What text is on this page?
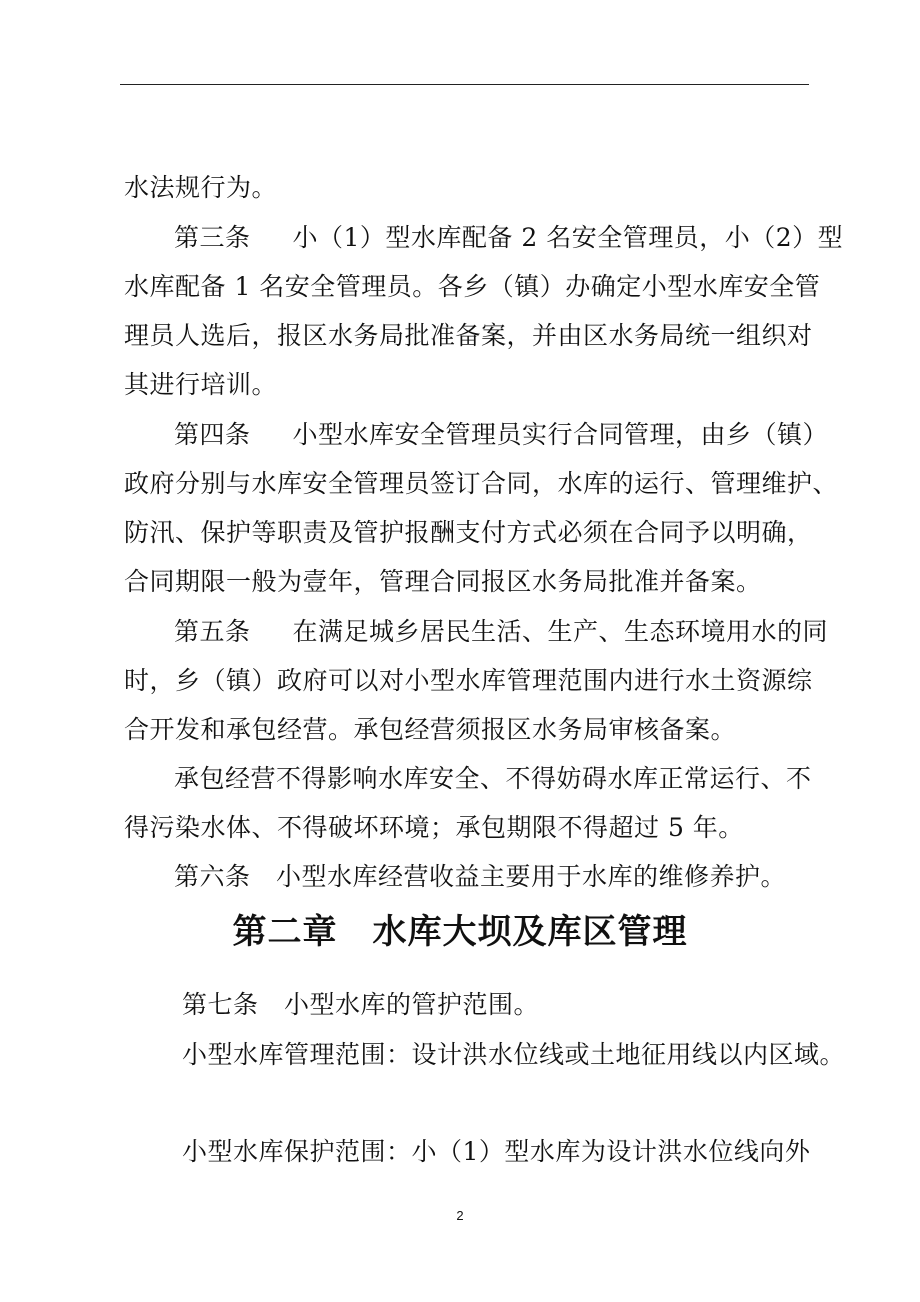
水法规行为。
第三条 小（1）型水库配备 2 名安全管理员，小（2）型
水库配备 1 名安全管理员。各乡（镇）办确定小型水库安全管
理员人选后，报区水务局批准备案，并由区水务局统一组织对
其进行培训。
第四条 小型水库安全管理员实行合同管理，由乡（镇）
政府分别与水库安全管理员签订合同，水库的运行、管理维护、
防汛、保护等职责及管护报酬支付方式必须在合同予以明确，
合同期限一般为壹年，管理合同报区水务局批准并备案。
第五条 在满足城乡居民生活、生产、生态环境用水的同
时，乡（镇）政府可以对小型水库管理范围内进行水土资源综
合开发和承包经营。承包经营须报区水务局审核备案。
承包经营不得影响水库安全、不得妨碍水库正常运行、不
得污染水体、不得破坏环境；承包期限不得超过 5 年。
第六条　小型水库经营收益主要用于水库的维修养护。
第二章　水库大坝及库区管理
第七条　小型水库的管护范围。
小型水库管理范围：设计洪水位线或土地征用线以内区域。
小型水库保护范围：小（1）型水库为设计洪水位线向外
2
